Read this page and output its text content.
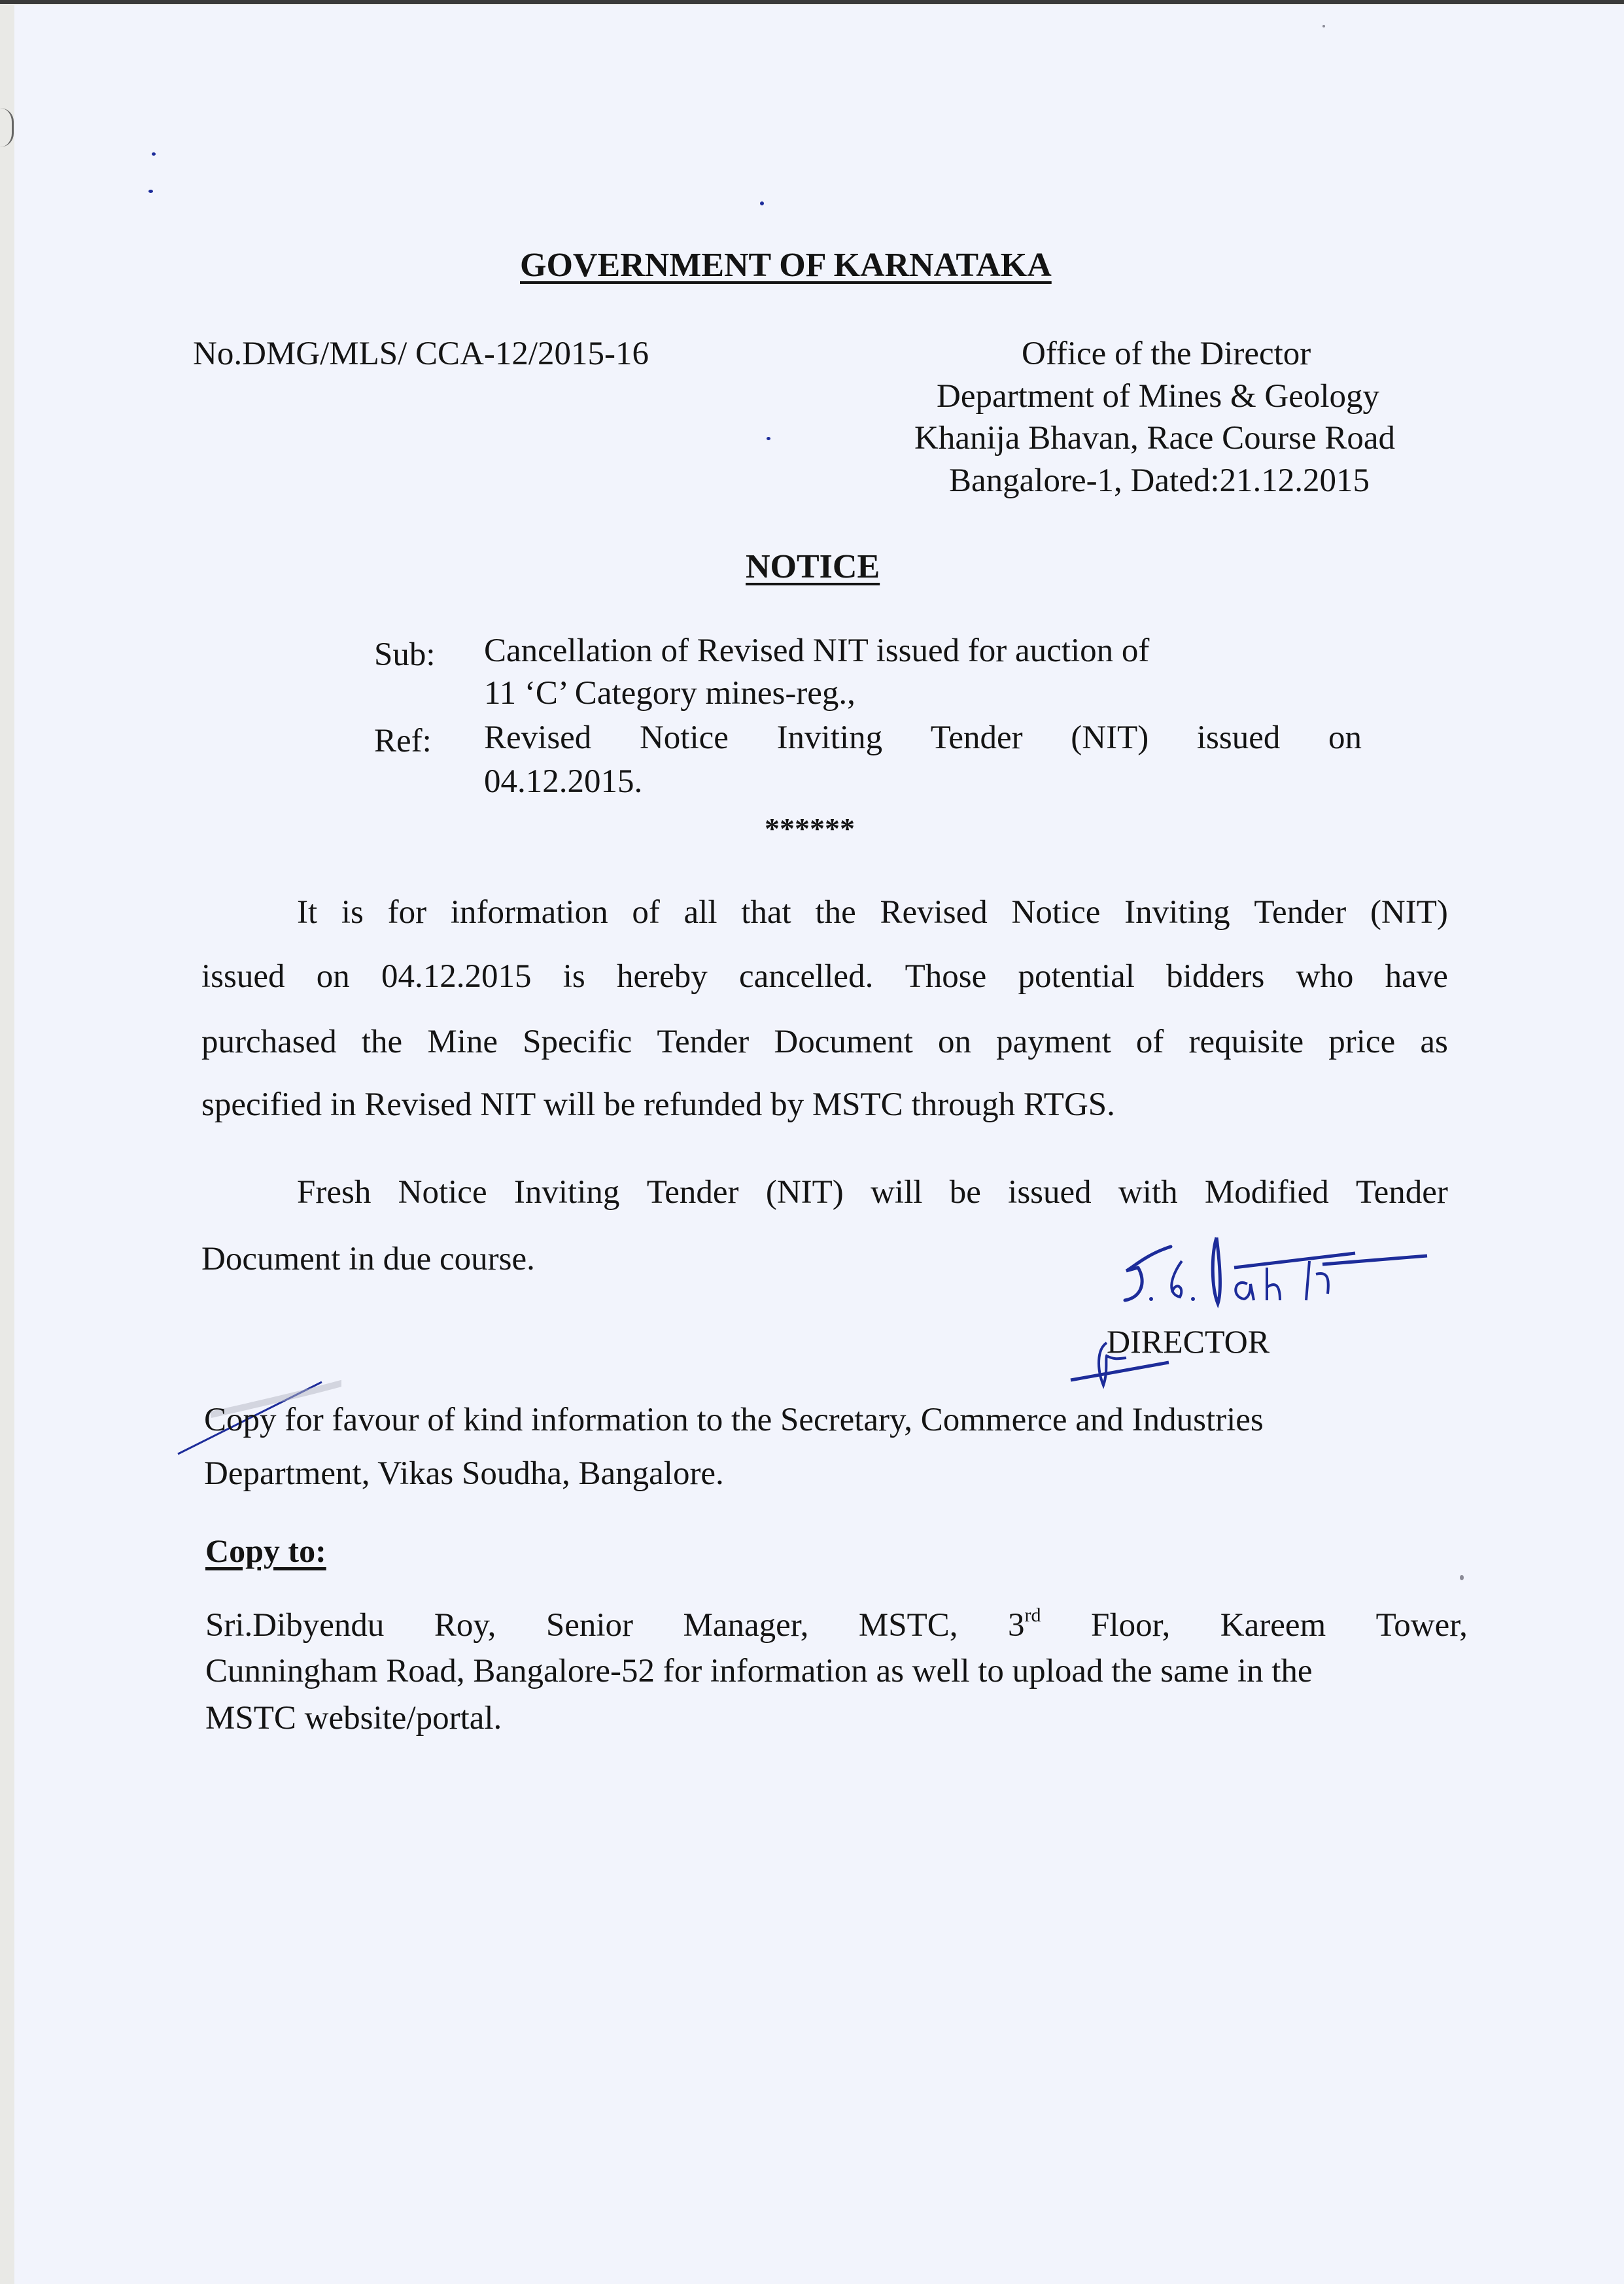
GOVERNMENT OF KARNATAKA
No.DMG/MLS/ CCA-12/2015-16	Office of the Director
Department of Mines & Geology
Khanija Bhavan, Race Course Road
Bangalore-1, Dated:21.12.2015
NOTICE
Sub: Cancellation of Revised NIT issued for auction of
11 ‘C’ Category mines-reg.,
Ref: Revised Notice Inviting Tender (NIT) issued on
04.12.2015.
******
It is for information of all that the Revised Notice Inviting Tender (NIT)
issued on 04.12.2015 is hereby cancelled. Those potential bidders who have
purchased the Mine Specific Tender Document on payment of requisite price as
specified in Revised NIT will be refunded by MSTC through RTGS.
Fresh Notice Inviting Tender (NIT) will be issued with Modified Tender
Document in due course.
DIRECTOR
Copy for favour of kind information to the Secretary, Commerce and Industries
Department, Vikas Soudha, Bangalore.
Copy to:
Sri.Dibyendu Roy, Senior Manager, MSTC, 3rd Floor, Kareem Tower,
Cunningham Road, Bangalore-52 for information as well to upload the same in the
MSTC website/portal.
